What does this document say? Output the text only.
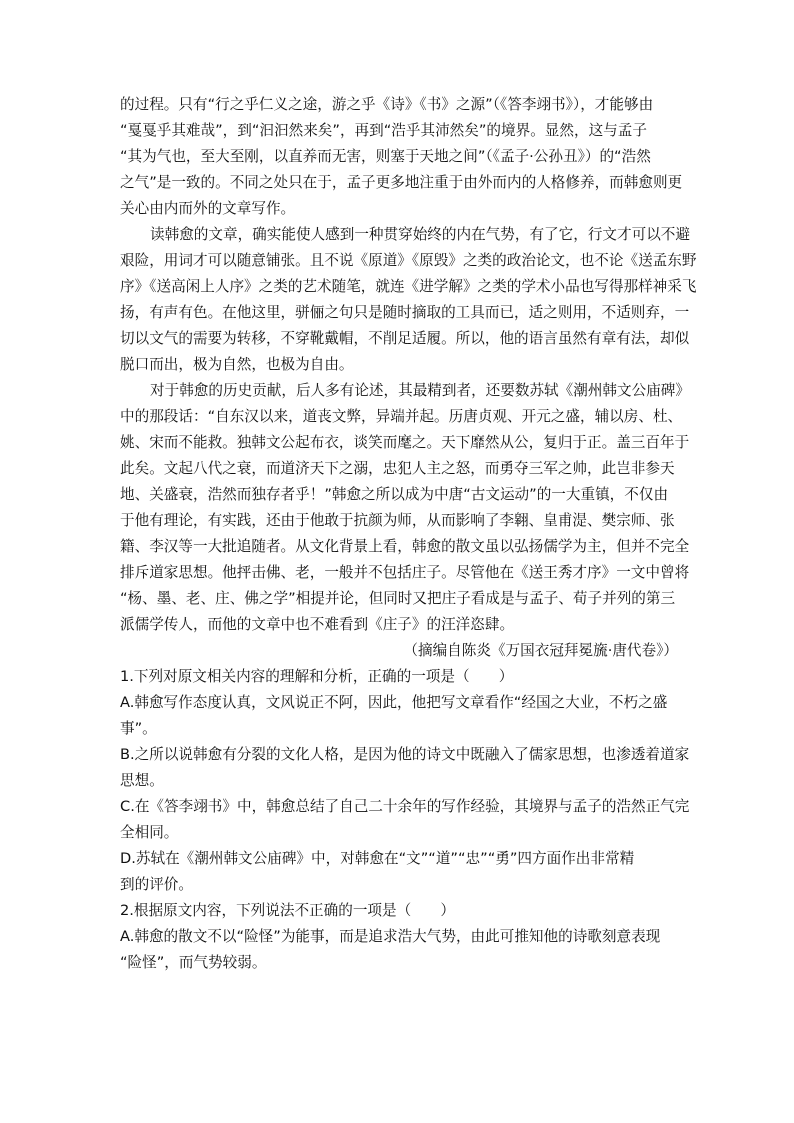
的过程。只有“行之乎仁义之途，游之乎《诗》《书》之源”（《答李翊书》），才能够由
“戛戛乎其难哉”，到“汩汩然来矣”，再到“浩乎其沛然矣”的境界。显然，这与孟子
“其为气也，至大至刚，以直养而无害，则塞于天地之间”（《孟子·公孙丑》）的“浩然
之气”是一致的。不同之处只在于，孟子更多地注重于由外而内的人格修养，而韩愈则更
关心由内而外的文章写作。
读韩愈的文章，确实能使人感到一种贯穿始终的内在气势，有了它，行文才可以不避
艰险，用词才可以随意铺张。且不说《原道》《原毁》之类的政治论文，也不论《送孟东野
序》《送高闲上人序》之类的艺术随笔，就连《进学解》之类的学术小品也写得那样神采飞
扬，有声有色。在他这里，骈俪之句只是随时摘取的工具而已，适之则用，不适则弃，一
切以文气的需要为转移，不穿靴戴帽，不削足适履。所以，他的语言虽然有章有法，却似
脱口而出，极为自然，也极为自由。
对于韩愈的历史贡献，后人多有论述，其最精到者，还要数苏轼《潮州韩文公庙碑》
中的那段话：“自东汉以来，道丧文弊，异端并起。历唐贞观、开元之盛，辅以房、杜、
姚、宋而不能救。独韩文公起布衣，谈笑而麾之。天下靡然从公，复归于正。盖三百年于
此矣。文起八代之衰，而道济天下之溺，忠犯人主之怒，而勇夺三军之帅，此岂非参天
地、关盛衰，浩然而独存者乎！”韩愈之所以成为中唐“古文运动”的一大重镇，不仅由
于他有理论，有实践，还由于他敢于抗颜为师，从而影响了李翱、皇甫湜、樊宗师、张
籍、李汉等一大批追随者。从文化背景上看，韩愈的散文虽以弘扬儒学为主，但并不完全
排斥道家思想。他抨击佛、老，一般并不包括庄子。尽管他在《送王秀才序》一文中曾将
“杨、墨、老、庄、佛之学”相提并论，但同时又把庄子看成是与孟子、荀子并列的第三
派儒学传人，而他的文章中也不难看到《庄子》的汪洋恣肆。
（摘编自陈炎《万国衣冠拜冕旒·唐代卷》）
1.下列对原文相关内容的理解和分析，正确的一项是（　　）
A.韩愈写作态度认真，文风说正不阿，因此，他把写文章看作“经国之大业，不朽之盛
事”。
B.之所以说韩愈有分裂的文化人格，是因为他的诗文中既融入了儒家思想，也渗透着道家
思想。
C.在《答李翊书》中，韩愈总结了自己二十余年的写作经验，其境界与孟子的浩然正气完
全相同。
D.苏轼在《潮州韩文公庙碑》中，对韩愈在“文”“道”“忠”“勇”四方面作出非常精
到的评价。
2.根据原文内容，下列说法不正确的一项是（　　）
A.韩愈的散文不以“险怪”为能事，而是追求浩大气势，由此可推知他的诗歌刻意表现
“险怪”，而气势较弱。
